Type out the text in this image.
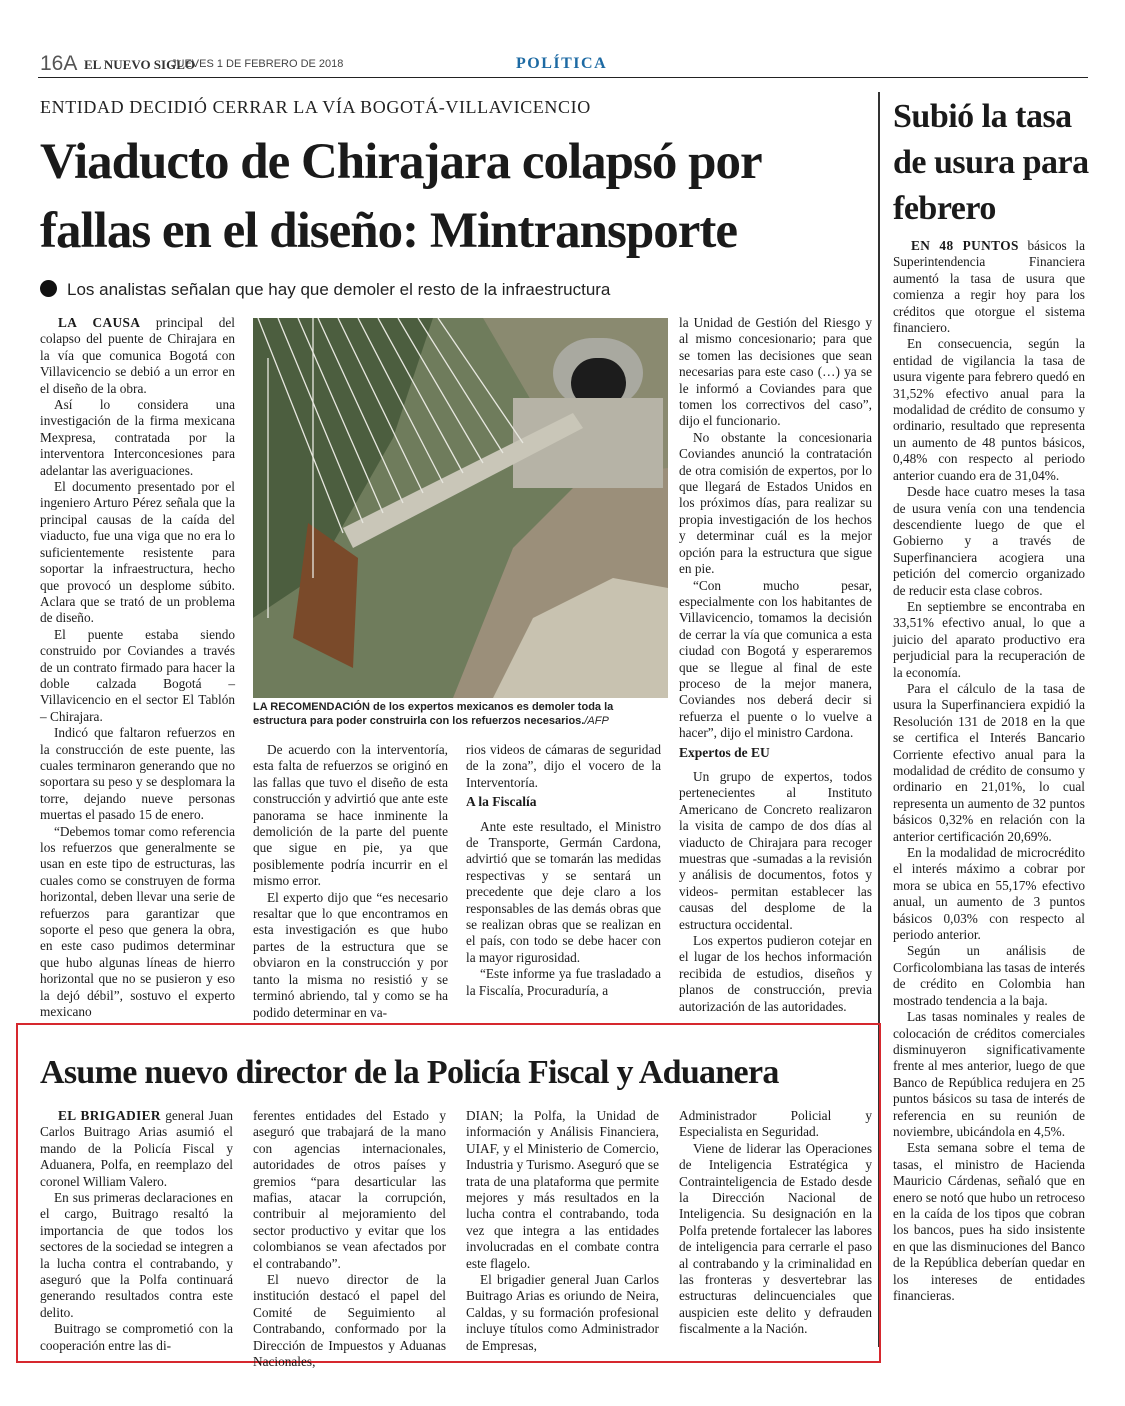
16A EL NUEVO SIGLO
JUEVES 1 DE FEBRERO DE 2018	POLÍTICA
ENTIDAD DECIDIÓ CERRAR LA VÍA BOGOTÁ-VILLAVICENCIO
Viaducto de Chirajara colapsó por fallas en el diseño: Mintransporte
Los analistas señalan que hay que demoler el resto de la infraestructura

LA CAUSA principal del colapso del puente de Chirajara en la vía que comunica Bogotá con Villavicencio se debió a un error en el diseño de la obra.

Así lo considera una investigación de la firma mexicana Mexpresa, contratada por la interventora Interconcesiones para adelantar las averiguaciones.

El documento presentado por el ingeniero Arturo Pérez señala que la principal causas de la caída del viaducto, fue una viga que no era lo suficientemente resistente para soportar la infraestructura, hecho que provocó un desplome súbito. Aclara que se trató de un problema de diseño.

El puente estaba siendo construido por Coviandes a través de un contrato firmado para hacer la doble calzada Bogotá – Villavicencio en el sector El Tablón – Chirajara.

Indicó que faltaron refuerzos en la construcción de este puente, las cuales terminaron generando que no soportara su peso y se desplomara la torre, dejando nueve personas muertas el pasado 15 de enero.

“Debemos tomar como referencia los refuerzos que generalmente se usan en este tipo de estructuras, las cuales como se construyen de forma horizontal, deben llevar una serie de refuerzos para garantizar que soporte el peso que genera la obra, en este caso pudimos determinar que hubo algunas líneas de hierro horizontal que no se pusieron y eso la dejó débil”, sostuvo el experto mexicano

LA RECOMENDACIÓN de los expertos mexicanos es demoler toda la estructura para poder construirla con los refuerzos necesarios./AFP

De acuerdo con la interventoría, esta falta de refuerzos se originó en las fallas que tuvo el diseño de esta construcción y advirtió que ante este panorama se hace inminente la demolición de la parte del puente que sigue en pie, ya que posiblemente podría incurrir en el mismo error.

El experto dijo que “es necesario resaltar que lo que encontramos en esta investigación es que hubo partes de la estructura que se obviaron en la construcción y por tanto la misma no resistió y se terminó abriendo, tal y como se ha podido determinar en va-

rios videos de cámaras de seguridad de la zona”, dijo el vocero de la Interventoría.

A la Fiscalía

Ante este resultado, el Ministro de Transporte, Germán Cardona, advirtió que se tomarán las medidas respectivas y se sentará un precedente que deje claro a los responsables de las demás obras que se realizan obras que se realizan en el país, con todo se debe hacer con la mayor rigurosidad.

“Este informe ya fue trasladado a la Fiscalía, Procuraduría, a

la Unidad de Gestión del Riesgo y al mismo concesionario; para que se tomen las decisiones que sean necesarias para este caso (…) ya se le informó a Coviandes para que tomen los correctivos del caso”, dijo el funcionario.

No obstante la concesionaria Coviandes anunció la contratación de otra comisión de expertos, por lo que llegará de Estados Unidos en los próximos días, para realizar su propia investigación de los hechos y determinar cuál es la mejor opción para la estructura que sigue en pie.

“Con mucho pesar, especialmente con los habitantes de Villavicencio, tomamos la decisión de cerrar la vía que comunica a esta ciudad con Bogotá y esperaremos que se llegue al final de este proceso de la mejor manera, Coviandes nos deberá decir si refuerza el puente o lo vuelve a hacer”, dijo el ministro Cardona.

Expertos de EU

Un grupo de expertos, todos pertenecientes al Instituto Americano de Concreto realizaron la visita de campo de dos días al viaducto de Chirajara para recoger muestras que -sumadas a la revisión y análisis de documentos, fotos y videos- permitan establecer las causas del desplome de la estructura occidental.

Los expertos pudieron cotejar en el lugar de los hechos información recibida de estudios, diseños y planos de construcción, previa autorización de las autoridades.

Subió la tasa de usura para febrero

EN 48 PUNTOS básicos la Superintendencia Financiera aumentó la tasa de usura que comienza a regir hoy para los créditos que otorgue el sistema financiero.

En consecuencia, según la entidad de vigilancia la tasa de usura vigente para febrero quedó en 31,52% efectivo anual para la modalidad de crédito de consumo y ordinario, resultado que representa un aumento de 48 puntos básicos, 0,48% con respecto al periodo anterior cuando era de 31,04%.

Desde hace cuatro meses la tasa de usura venía con una tendencia descendiente luego de que el Gobierno y a través de Superfinanciera acogiera una petición del comercio organizado de reducir esta clase cobros.

En septiembre se encontraba en 33,51% efectivo anual, lo que a juicio del aparato productivo era perjudicial para la recuperación de la economía.

Para el cálculo de la tasa de usura la Superfinanciera expidió la Resolución 131 de 2018 en la que se certifica el Interés Bancario Corriente efectivo anual para la modalidad de crédito de consumo y ordinario en 21,01%, lo cual representa un aumento de 32 puntos básicos 0,32% en relación con la anterior certificación 20,69%.

En la modalidad de microcrédito el interés máximo a cobrar por mora se ubica en 55,17% efectivo anual, un aumento de 3 puntos básicos 0,03% con respecto al periodo anterior.

Según un análisis de Corficolombiana las tasas de interés de crédito en Colombia han mostrado tendencia a la baja.

Las tasas nominales y reales de colocación de créditos comerciales disminuyeron significativamente frente al mes anterior, luego de que Banco de República redujera en 25 puntos básicos su tasa de interés de referencia en su reunión de noviembre, ubicándola en 4,5%.

Esta semana sobre el tema de tasas, el ministro de Hacienda Mauricio Cárdenas, señaló que en enero se notó que hubo un retroceso en la caída de los tipos que cobran los bancos, pues ha sido insistente en que las disminuciones del Banco de la República deberían quedar en los intereses de entidades financieras.

Asume nuevo director de la Policía Fiscal y Aduanera

EL BRIGADIER general Juan Carlos Buitrago Arias asumió el mando de la Policía Fiscal y Aduanera, Polfa, en reemplazo del coronel William Valero.

En sus primeras declaraciones en el cargo, Buitrago resaltó la importancia de que todos los sectores de la sociedad se integren a la lucha contra el contrabando, y aseguró que la Polfa continuará generando resultados contra este delito.

Buitrago se comprometió con la cooperación entre las di-

ferentes entidades del Estado y aseguró que trabajará de la mano con agencias internacionales, autoridades de otros países y gremios “para desarticular las mafias, atacar la corrupción, contribuir al mejoramiento del sector productivo y evitar que los colombianos se vean afectados por el contrabando”.

El nuevo director de la institución destacó el papel del Comité de Seguimiento al Contrabando, conformado por la Dirección de Impuestos y Aduanas Nacionales,

DIAN; la Polfa, la Unidad de información y Análisis Financiera, UIAF, y el Ministerio de Comercio, Industria y Turismo. Aseguró que se trata de una plataforma que permite mejores y más resultados en la lucha contra el contrabando, toda vez que integra a las entidades involucradas en el combate contra este flagelo.

El brigadier general Juan Carlos Buitrago Arias es oriundo de Neira, Caldas, y su formación profesional incluye títulos como Administrador de Empresas,

Administrador Policial y Especialista en Seguridad.

Viene de liderar las Operaciones de Inteligencia Estratégica y Contrainteligencia de Estado desde la Dirección Nacional de Inteligencia. Su designación en la Polfa pretende fortalecer las labores de inteligencia para cerrarle el paso al contrabando y la criminalidad en las fronteras y desvertebrar las estructuras delincuenciales que auspicien este delito y defrauden fiscalmente a la Nación.
